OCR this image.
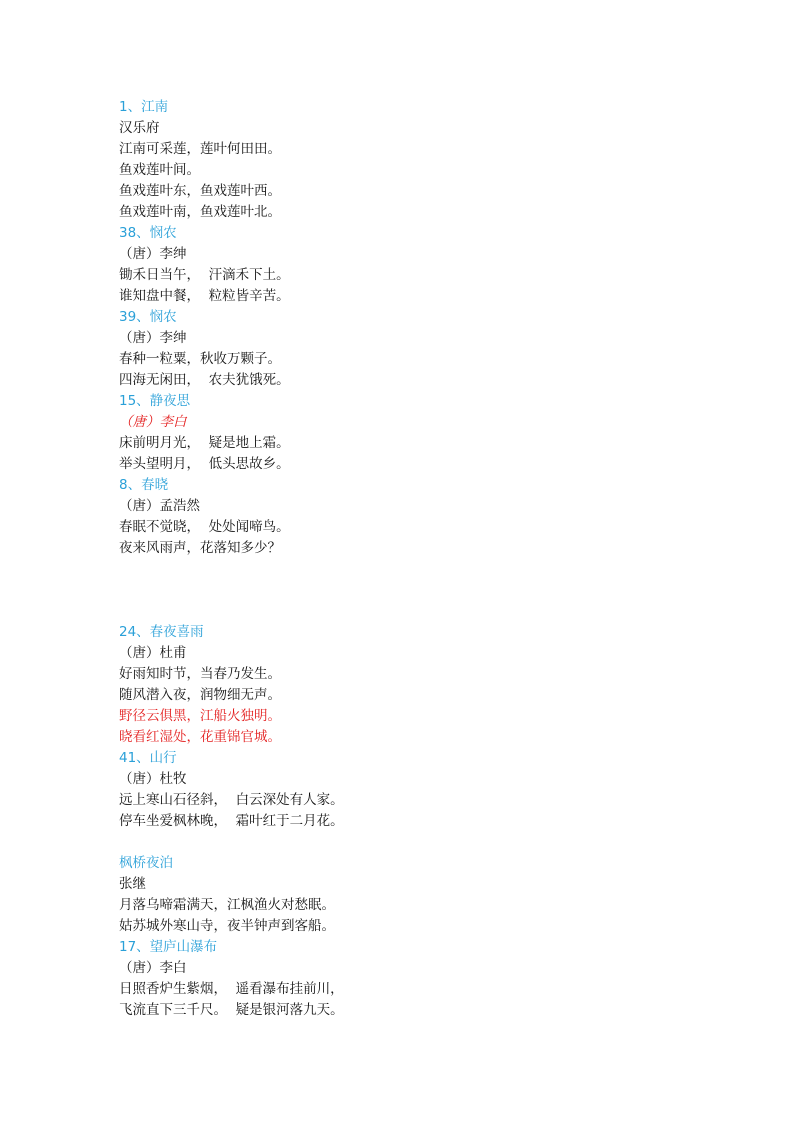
1、江南
汉乐府
江南可采莲，莲叶何田田。
鱼戏莲叶间。
鱼戏莲叶东，鱼戏莲叶西。
鱼戏莲叶南，鱼戏莲叶北。
38、悯农
（唐）李绅
锄禾日当午，  汗滴禾下土。
谁知盘中餐，  粒粒皆辛苦。
39、悯农
（唐）李绅
春种一粒粟，秋收万颗子。
四海无闲田，  农夫犹饿死。
15、静夜思
（唐）李白
床前明月光，  疑是地上霜。
举头望明月，  低头思故乡。
8、春晓
（唐）孟浩然
春眠不觉晓，  处处闻啼鸟。
夜来风雨声，花落知多少？
24、春夜喜雨
（唐）杜甫
好雨知时节，当春乃发生。
随风潜入夜，润物细无声。
野径云俱黑，江船火独明。
晓看红湿处，花重锦官城。
41、山行
（唐）杜牧
远上寒山石径斜，  白云深处有人家。
停车坐爱枫林晚，  霜叶红于二月花。
枫桥夜泊
张继
月落乌啼霜满天，江枫渔火对愁眠。
姑苏城外寒山寺，夜半钟声到客船。
17、望庐山瀑布
（唐）李白
日照香炉生紫烟，  遥看瀑布挂前川，
飞流直下三千尺。  疑是银河落九天。
